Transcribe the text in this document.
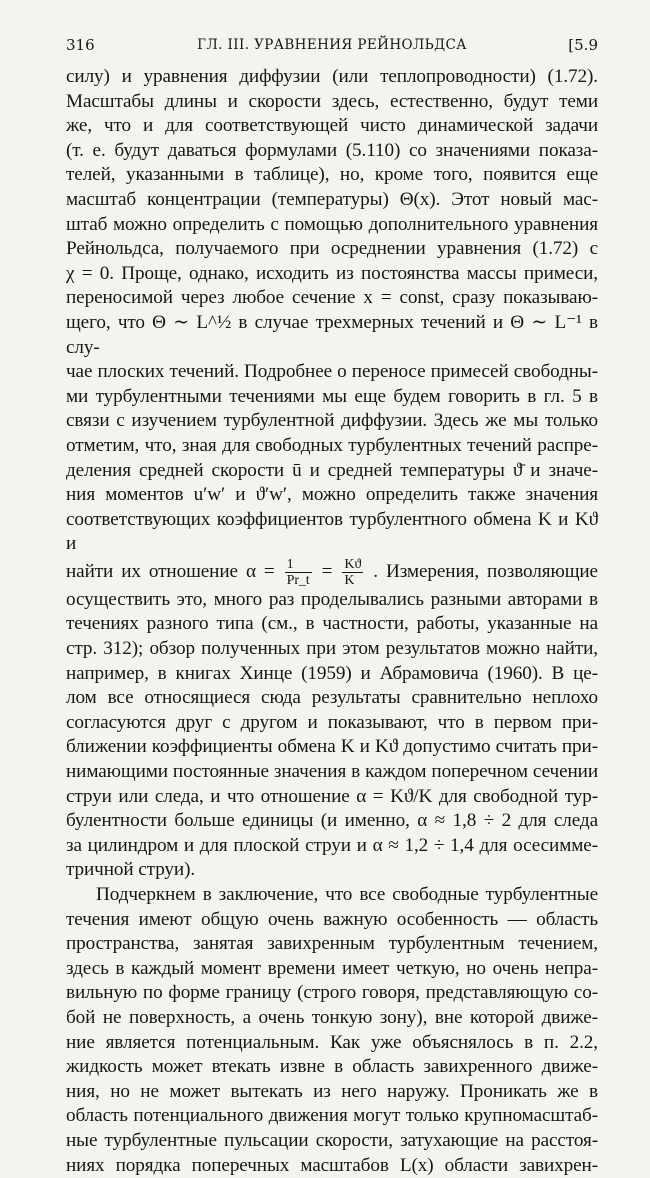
316	ГЛ. III. УРАВНЕНИЯ РЕЙНОЛЬДСА	[5.9

силу) и уравнения диффузии (или теплопроводности) (1.72).

Масштабы длины и скорости здесь, естественно, будут теми

же, что и для соответствующей чисто динамической задачи

(т. е. будут даваться формулами (5.110) со значениями показа-

телей, указанными в таблице), но, кроме того, появится еще

масштаб концентрации (температуры) Θ(x). Этот новый мас-

штаб можно определить с помощью дополнительного уравнения

Рейнольдса, получаемого при осреднении уравнения (1.72) с

χ = 0. Проще, однако, исходить из постоянства массы примеси,

переносимой через любое сечение x = const, сразу показываю-

щего, что Θ ∼ L^½ в случае трехмерных течений и Θ ∼ L⁻¹ в слу-

чае плоских течений. Подробнее о переносе примесей свободны-

ми турбулентными течениями мы еще будем говорить в гл. 5 в

связи с изучением турбулентной диффузии. Здесь же мы только

отметим, что, зная для свободных турбулентных течений распре-

деления средней скорости ū и средней температуры ϑ̄ и значе-

ния моментов u′w′ и ϑ′w′, можно определить также значения

соответствующих коэффициентов турбулентного обмена K и Kϑ и

найти их отношение $\alpha = \frac{1}{Pr\_t} = \frac{Kϑ}{K}$ . Измерения, позволяющие

осуществить это, много раз проделывались разными авторами в

течениях разного типа (см., в частности, работы, указанные на

стр. 312); обзор полученных при этом результатов можно найти,

например, в книгах Хинце (1959) и Абрамовича (1960). В це-

лом все относящиеся сюда результаты сравнительно неплохо

согласуются друг с другом и показывают, что в первом при-

ближении коэффициенты обмена K и Kϑ допустимо считать при-

нимающими постоянные значения в каждом поперечном сечении

струи или следа, и что отношение α = Kϑ/K для свободной тур-

булентности больше единицы (и именно, α ≈ 1,8 ÷ 2 для следа

за цилиндром и для плоской струи и α ≈ 1,2 ÷ 1,4 для осесимме-

тричной струи).

Подчеркнем в заключение, что все свободные турбулентные

течения имеют общую очень важную особенность — область

пространства, занятая завихренным турбулентным течением,

здесь в каждый момент времени имеет четкую, но очень непра-

вильную по форме границу (строго говоря, представляющую со-

бой не поверхность, а очень тонкую зону), вне которой движе-

ние является потенциальным. Как уже объяснялось в п. 2.2,

жидкость может втекать извне в область завихренного движе-

ния, но не может вытекать из него наружу. Проникать же в

область потенциального движения могут только крупномасштаб-

ные турбулентные пульсации скорости, затухающие на расстоя-

ниях порядка поперечных масштабов L(x) области завихрен-
